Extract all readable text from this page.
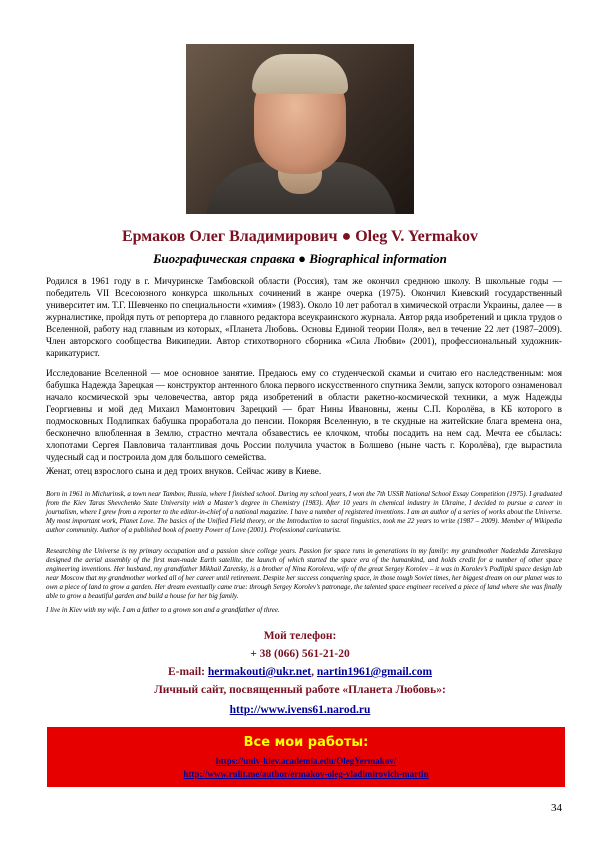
Ермаков Олег Владимирович ● Oleg V. Yermakov
Биографическая справка ● Biographical information

Родился в 1961 году в г. Мичуринске Тамбовской области (Россия), там же окончил среднюю школу. В школьные годы — победитель VII Всесоюзного конкурса школьных сочинений в жанре очерка (1975). Окончил Киевский государственный университет им. Т.Г. Шевченко по специальности «химия» (1983). Около 10 лет работал в химической отрасли Украины, далее — в журналистике, пройдя путь от репортера до главного редактора всеукраинского журнала. Автор ряда изобретений и цикла трудов о Вселенной, работу над главным из которых, «Планета Любовь. Основы Единой теории Поля», вел в течение 22 лет (1987–2009). Член авторского сообщества Википедии. Автор стихотворного сборника «Сила Любви» (2001), профессиональный художник-карикатурист.

Исследование Вселенной — мое основное занятие. Предаюсь ему со студенческой скамьи и считаю его наследственным: моя бабушка Надежда Зарецкая — конструктор антенного блока первого искусственного спутника Земли, запуск которого ознаменовал начало космической эры человечества, автор ряда изобретений в области ракетно-космической техники, а муж Надежды Георгиевны и мой дед Михаил Мамонтович Зарецкий — брат Нины Ивановны, жены С.П. Королёва, в КБ которого в подмосковных Подлипках бабушка проработала до пенсии. Покоряя Вселенную, в те скудные на житейские блага времена она, бесконечно влюбленная в Землю, страстно мечтала обзавестись ее клочком, чтобы посадить на нем сад. Мечта ее сбылась: хлопотами Сергея Павловича талантливая дочь России получила участок в Болшево (ныне часть г. Королёва), где вырастила чудесный сад и построила дом для большого семейства.

Женат, отец взрослого сына и дед троих внуков. Сейчас живу в Киеве.

Born in 1961 in Michurinsk, a town near Tambov, Russia, where I finished school. During my school years, I won the 7th USSR National School Essay Competition (1975). I graduated from the Kiev Taras Shevchenko State University with a Master’s degree in Chemistry (1983). After 10 years in chemical industry in Ukraine, I decided to pursue a career in journalism, where I grew from a reporter to the editor-in-chief of a national magazine. I have a number of registered inventions. I am an author of a series of works about the Universe. My most important work, Planet Love. The basics of the Unified Field theory, or the Introduction to sacral linguistics, took me 22 years to write (1987 – 2009). Member of Wikipedia author community. Author of a published book of poetry Power of Love (2001). Professional caricaturist.

Researching the Universe is my primary occupation and a passion since college years. Passion for space runs in generations in my family: my grandmother Nadezhda Zaretskaya designed the aerial assembly of the first man-made Earth satellite, the launch of which started the space era of the humankind, and holds credit for a number of other space engineering inventions. Her husband, my grandfather Mikhail Zaretsky, is a brother of Nina Koroleva, wife of the great Sergey Korolev – it was in Korolev’s Podlipki space design lab near Moscow that my grandmother worked all of her career until retirement. Despite her success conquering space, in those tough Soviet times, her biggest dream on our planet was to own a piece of land to grow a garden. Her dream eventually came true: through Sergey Korolev’s patronage, the talented space engineer received a piece of land where she was finally able to grow a beautiful garden and build a house for her big family.

I live in Kiev with my wife. I am a father to a grown son and a grandfather of three.

Мой телефон:

+ 38 (066) 561-21-20

E-mail: hermakouti@ukr.net, nartin1961@gmail.com

Личный сайт, посвященный работе «Планета Любовь»:

http://www.ivens61.narod.ru

Все мои работы:
https://univ-kiev.academia.edu/OlegYermakov/
http://www.rulit.me/author/ermakov-oleg-vladimirovich-martin
34
